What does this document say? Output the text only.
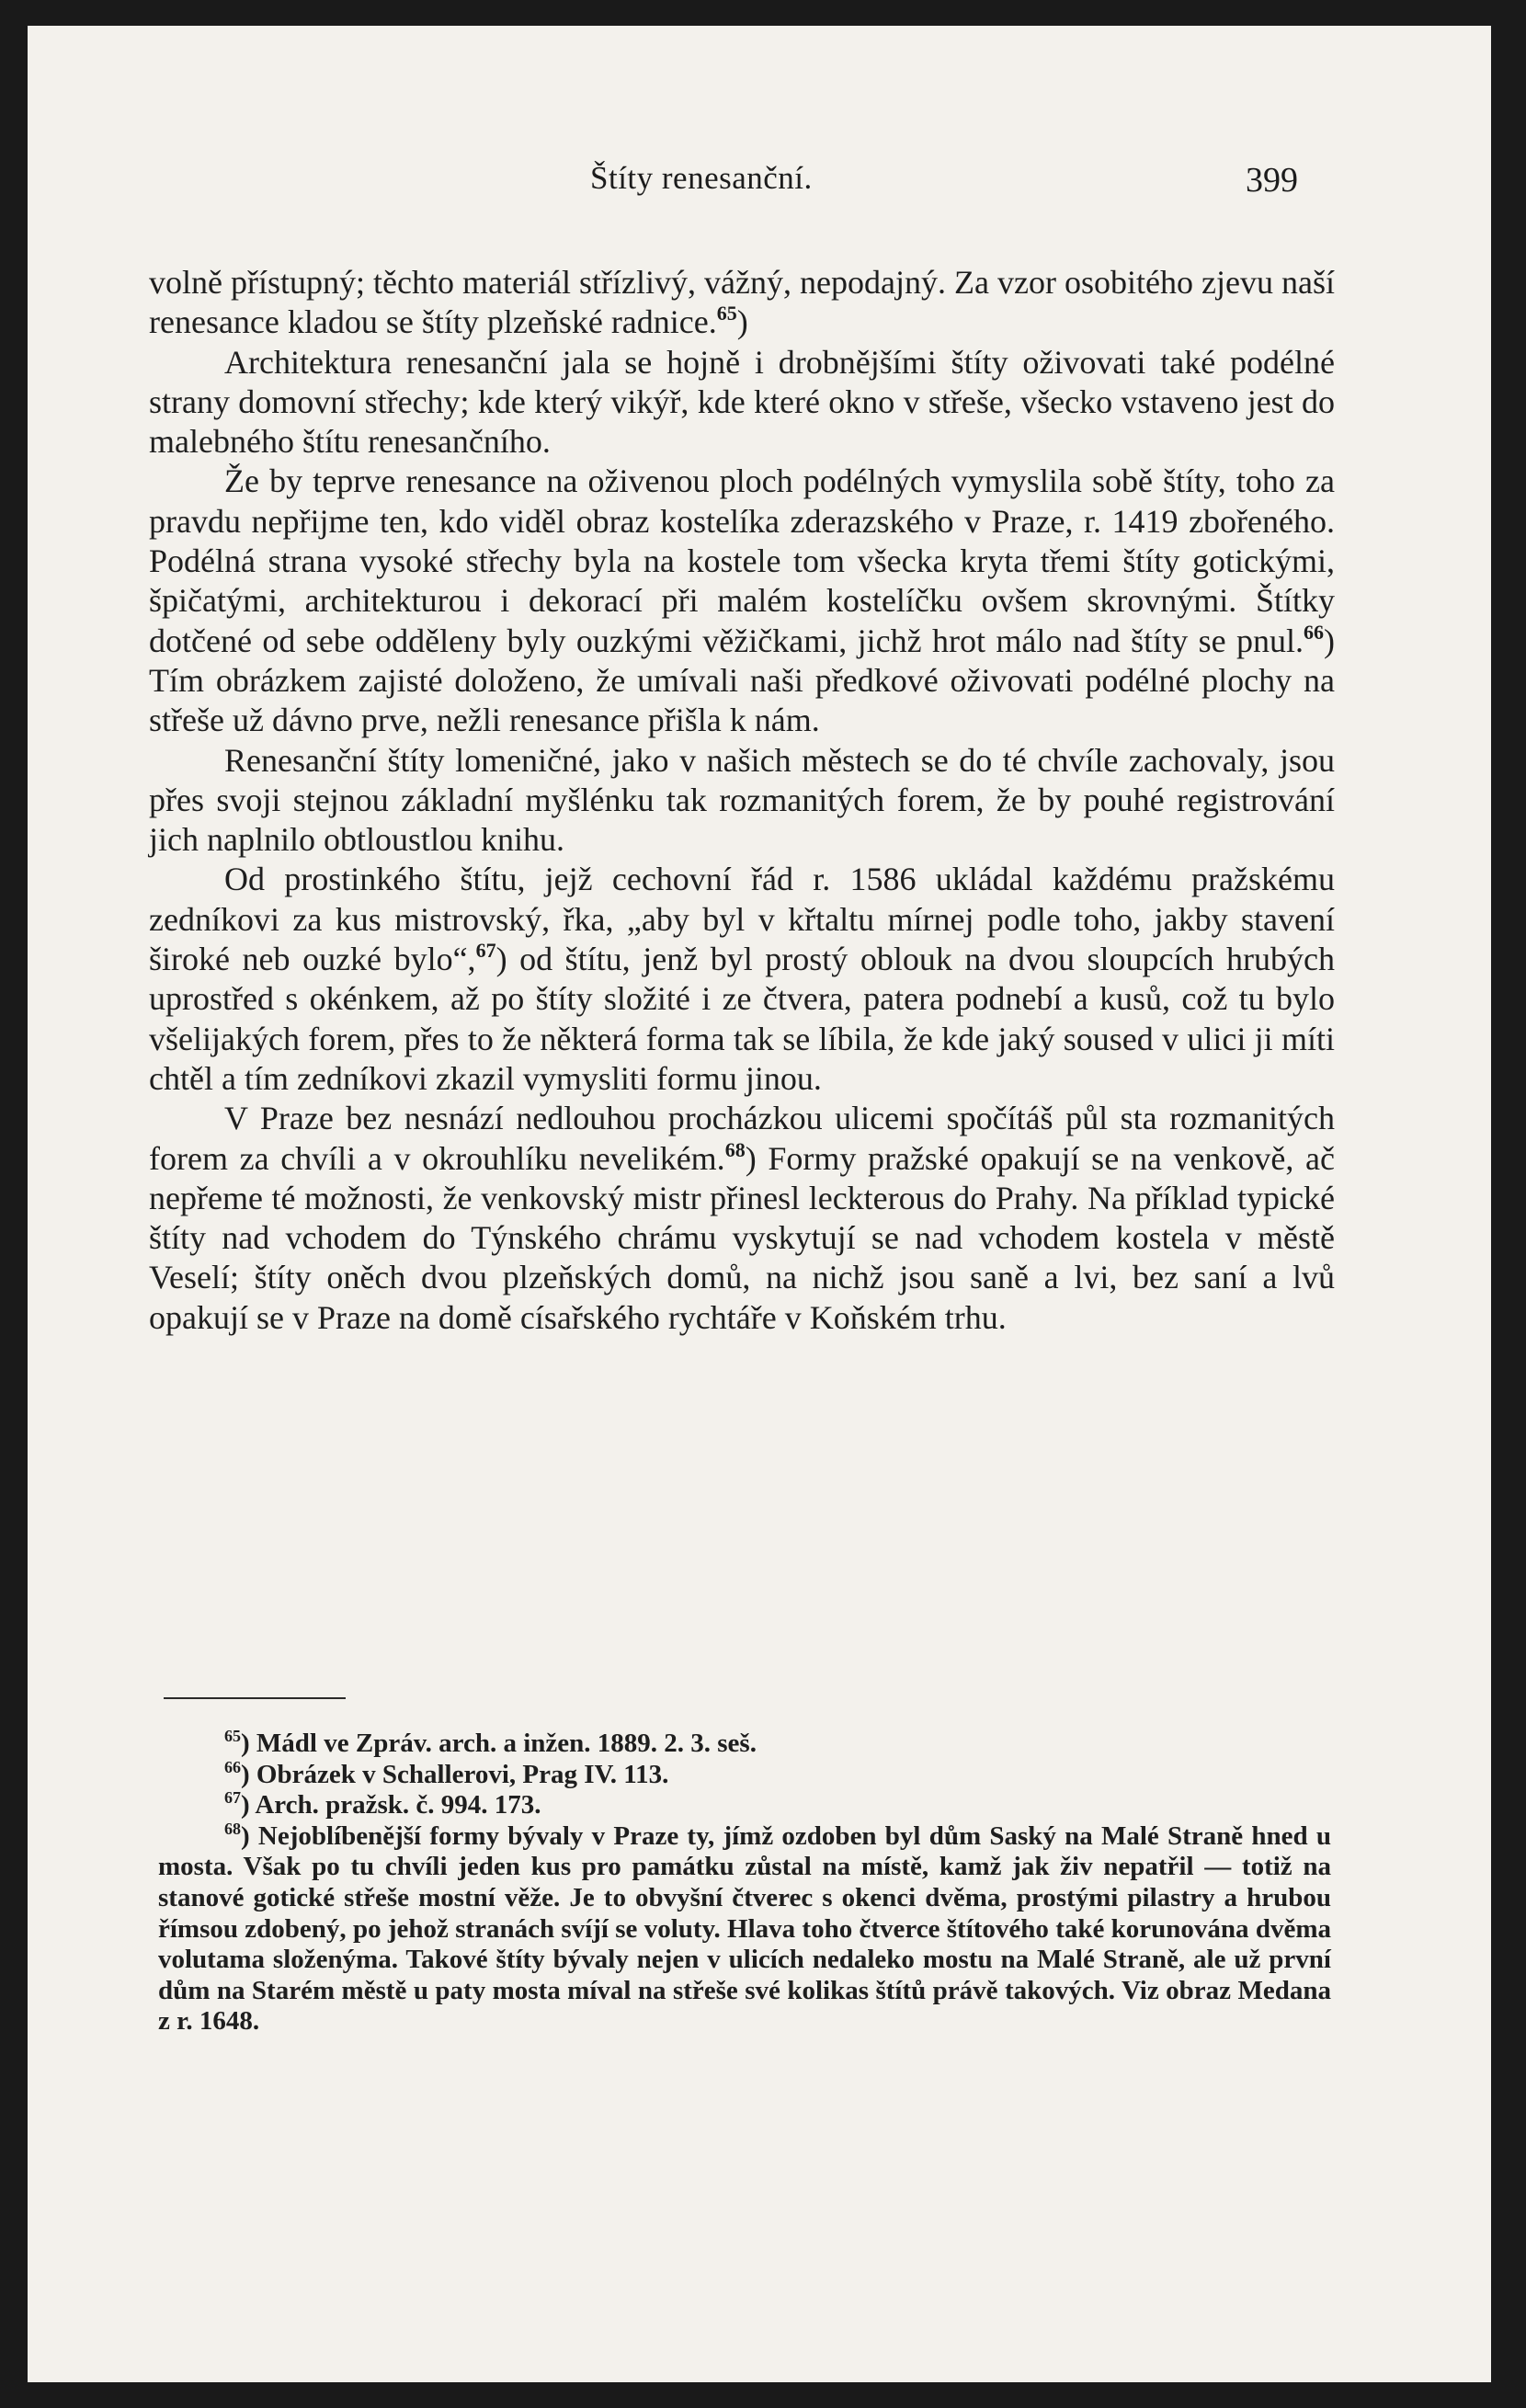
Štíty renesanční.	399

volně přístupný; těchto materiál střízlivý, vážný, nepodajný. Za vzor osobitého zjevu naší renesance kladou se štíty plzeňské radnice.$^{65}$)

Architektura renesanční jala se hojně i drobnějšími štíty oživovati také podélné strany domovní střechy; kde který vikýř, kde které okno v střeše, všecko vstaveno jest do malebného štítu renesančního.

Že by teprve renesance na oživenou ploch podélných vymyslila sobě štíty, toho za pravdu nepřijme ten, kdo viděl obraz kostelíka zderazského v Praze, r. 1419 zbořeného. Podélná strana vysoké střechy byla na kostele tom všecka kryta třemi štíty gotickými, špičatými, architekturou i dekorací při malém kostelíčku ovšem skrovnými. Štítky dotčené od sebe odděleny byly ouzkými věžičkami, jichž hrot málo nad štíty se pnul.$^{66}$) Tím obrázkem zajisté doloženo, že umívali naši předkové oživovati podélné plochy na střeše už dávno prve, nežli renesance přišla k nám.

Renesanční štíty lomeničné, jako v našich městech se do té chvíle zachovaly, jsou přes svoji stejnou základní myšlénku tak rozmanitých forem, že by pouhé registrování jich naplnilo obtloustlou knihu.

Od prostinkého štítu, jejž cechovní řád r. 1586 ukládal každému pražskému zedníkovi za kus mistrovský, řka, „aby byl v křtaltu mírnej podle toho, jakby stavení široké neb ouzké bylo“,$^{67}$) od štítu, jenž byl prostý oblouk na dvou sloupcích hrubých uprostřed s okénkem, až po štíty složité i ze čtvera, patera podnebí a kusů, což tu bylo všelijakých forem, přes to že některá forma tak se líbila, že kde jaký soused v ulici ji míti chtěl a tím zedníkovi zkazil vymysliti formu jinou.

V Praze bez nesnází nedlouhou procházkou ulicemi spočítáš půl sta rozmanitých forem za chvíli a v okrouhlíku nevelikém.$^{68}$) Formy pražské opakují se na venkově, ač nepřeme té možnosti, že venkovský mistr přinesl leckterous do Prahy. Na příklad typické štíty nad vchodem do Týnského chrámu vyskytují se nad vchodem kostela v městě Veselí; štíty oněch dvou plzeňských domů, na nichž jsou saně a lvi, bez saní a lvů opakují se v Praze na domě císařského rychtáře v Koňském trhu.

$^{65}$) Mádl ve Zpráv. arch. a inžen. 1889. 2. 3. seš.

$^{66}$) Obrázek v Schallerovi, Prag IV. 113.

$^{67}$) Arch. pražsk. č. 994. 173.

$^{68}$) Nejoblíbenější formy bývaly v Praze ty, jímž ozdoben byl dům Saský na Malé Straně hned u mosta. Však po tu chvíli jeden kus pro památku zůstal na místě, kamž jak živ nepatřil — totiž na stanové gotické střeše mostní věže. Je to obvyšní čtverec s okenci dvěma, prostými pilastry a hrubou římsou zdobený, po jehož stranách svíjí se voluty. Hlava toho čtverce štítového také korunována dvěma volutama složenýma. Takové štíty bývaly nejen v ulicích nedaleko mostu na Malé Straně, ale už první dům na Starém městě u paty mosta míval na střeše své kolikas štítů právě takových. Viz obraz Medana z r. 1648.
